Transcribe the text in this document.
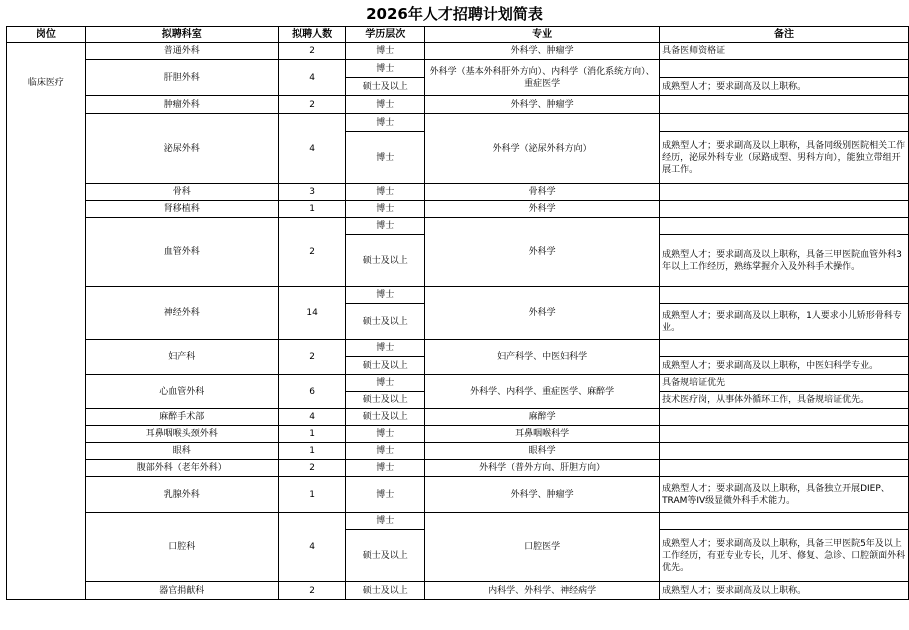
2026年人才招聘计划简表
岗位	拟聘科室	拟聘人数	学历层次	专业	备注
临床医疗	普通外科	2	博士	外科学、肿瘤学	具备医师资格证
	肝胆外科	4	博士	外科学（基本外科肝外方向）、内科学（消化系统方向）、重症医学	
			硕士及以上		成熟型人才；要求副高及以上职称。
	肿瘤外科	2	博士	外科学、肿瘤学	
	泌尿外科	4	博士	外科学（泌尿外科方向）	
			博士		成熟型人才；要求副高及以上职称，具备同级别医院相关工作经历，泌尿外科专业（尿路成型、男科方向），能独立带组开展工作。
	骨科	3	博士	骨科学	
	肾移植科	1	博士	外科学	
	血管外科	2	博士	外科学	
			硕士及以上		成熟型人才；要求副高及以上职称，具备三甲医院血管外科3年以上工作经历，熟练掌握介入及外科手术操作。
	神经外科	14	博士	外科学	
			硕士及以上		成熟型人才；要求副高及以上职称，1人要求小儿矫形骨科专业。
	妇产科	2	博士	妇产科学、中医妇科学	
			硕士及以上		成熟型人才；要求副高及以上职称，中医妇科学专业。
	心血管外科	6	博士	外科学、内科学、重症医学、麻醉学	具备规培证优先
			硕士及以上		技术医疗岗，从事体外循环工作，具备规培证优先。
	麻醉手术部	4	硕士及以上	麻醉学	
	耳鼻咽喉头颈外科	1	博士	耳鼻咽喉科学	
	眼科	1	博士	眼科学	
	腹部外科（老年外科）	2	博士	外科学（普外方向、肝胆方向）	
	乳腺外科	1	博士	外科学、肿瘤学	成熟型人才；要求副高及以上职称，具备独立开展DIEP、TRAM等IV级显微外科手术能力。
	口腔科	4	博士	口腔医学	
			硕士及以上		成熟型人才；要求副高及以上职称，具备三甲医院5年及以上工作经历，有亚专业专长，儿牙、修复、急诊、口腔颌面外科优先。
	器官捐献科	2	硕士及以上	内科学、外科学、神经病学	成熟型人才；要求副高及以上职称。
